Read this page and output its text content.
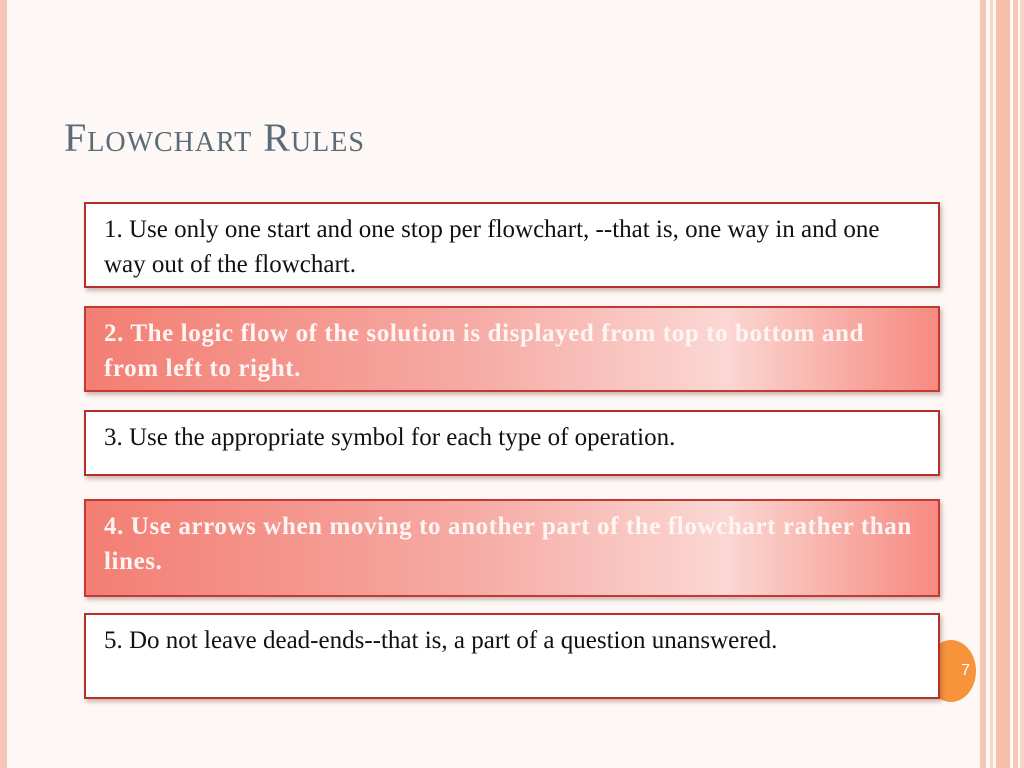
Flowchart Rules
1. Use only one start and one stop per flowchart, --that is, one way in and one way out of the flowchart.
2. The logic flow of the solution is displayed from top to bottom and from left to right.
3. Use the appropriate symbol for each type of operation.
4. Use arrows when moving to another part of the flowchart rather than lines.
7
5. Do not leave dead-ends--that is, a part of a question unanswered.
